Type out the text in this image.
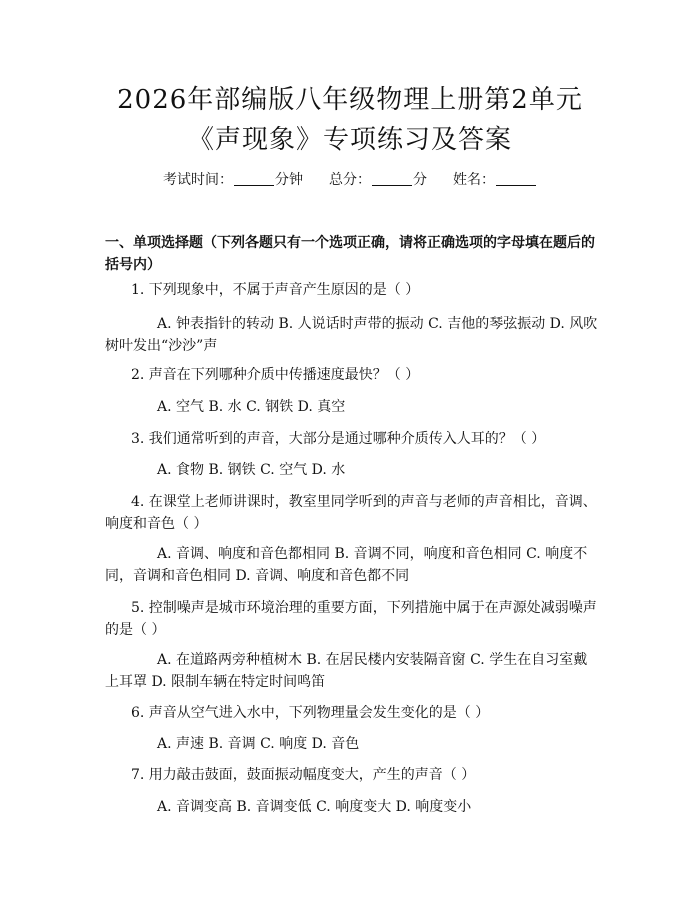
2026年部编版八年级物理上册第2单元《声现象》专项练习及答案
考试时间：	分钟 总分：	分 姓名：
一、单项选择题（下列各题只有一个选项正确，请将正确选项的字母填在题后的括号内）
1. 下列现象中，不属于声音产生原因的是（ ）
A. 钟表指针的转动 B. 人说话时声带的振动 C. 吉他的琴弦振动 D. 风吹树叶发出“沙沙”声
2. 声音在下列哪种介质中传播速度最快？（ ）
A. 空气 B. 水 C. 钢铁 D. 真空
3. 我们通常听到的声音，大部分是通过哪种介质传入人耳的？（ ）
A. 食物 B. 钢铁 C. 空气 D. 水
4. 在课堂上老师讲课时，教室里同学听到的声音与老师的声音相比，音调、响度和音色（ ）
A. 音调、响度和音色都相同 B. 音调不同，响度和音色相同 C. 响度不同，音调和音色相同 D. 音调、响度和音色都不同
5. 控制噪声是城市环境治理的重要方面，下列措施中属于在声源处减弱噪声的是（ ）
A. 在道路两旁种植树木 B. 在居民楼内安装隔音窗 C. 学生在自习室戴上耳罩 D. 限制车辆在特定时间鸣笛
6. 声音从空气进入水中，下列物理量会发生变化的是（ ）
A. 声速 B. 音调 C. 响度 D. 音色
7. 用力敲击鼓面，鼓面振动幅度变大，产生的声音（ ）
A. 音调变高 B. 音调变低 C. 响度变大 D. 响度变小
